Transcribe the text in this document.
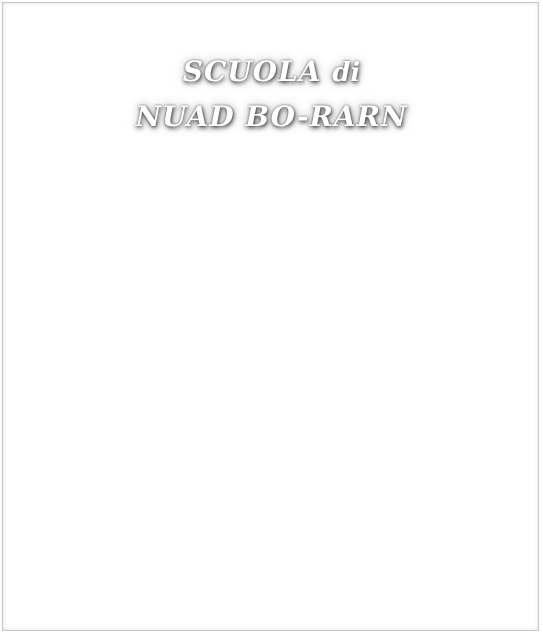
SCUOLA di
NUAD BO-RARN
